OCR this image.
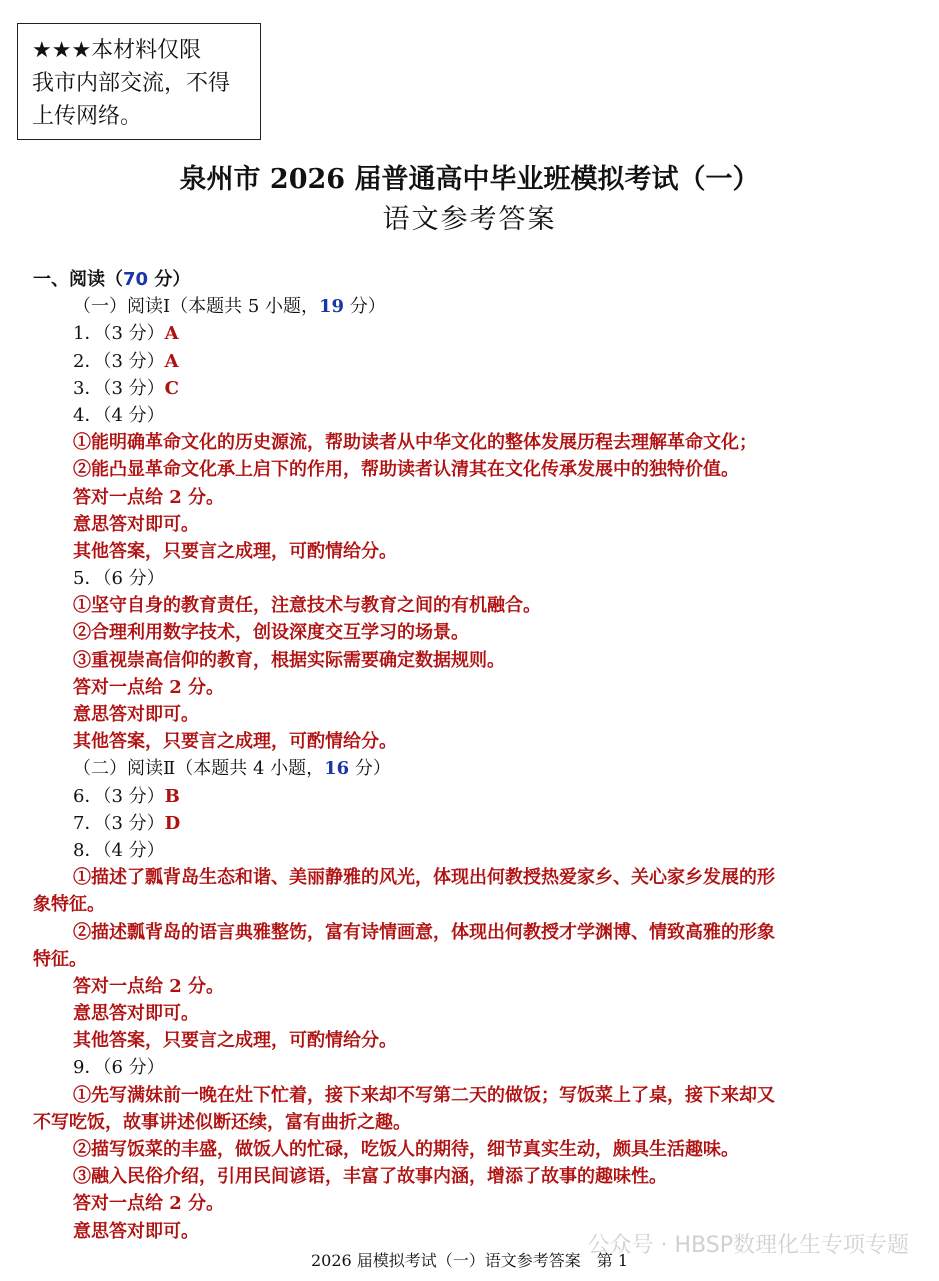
★★★本材料仅限
我市内部交流，不得
上传网络。
泉州市 2026 届普通高中毕业班模拟考试（一）
语文参考答案
一、阅读（70 分）
（一）阅读Ⅰ（本题共 5 小题，19 分）
1．（3 分）A
2．（3 分）A
3．（3 分）C
4．（4 分）
①能明确革命文化的历史源流，帮助读者从中华文化的整体发展历程去理解革命文化；
②能凸显革命文化承上启下的作用，帮助读者认清其在文化传承发展中的独特价值。
答对一点给 2 分。
意思答对即可。
其他答案，只要言之成理，可酌情给分。
5．（6 分）
①坚守自身的教育责任，注意技术与教育之间的有机融合。
②合理利用数字技术，创设深度交互学习的场景。
③重视崇高信仰的教育，根据实际需要确定数据规则。
答对一点给 2 分。
意思答对即可。
其他答案，只要言之成理，可酌情给分。
（二）阅读Ⅱ（本题共 4 小题，16 分）
6．（3 分）B
7．（3 分）D
8．（4 分）
①描述了瓢背岛生态和谐、美丽静雅的风光，体现出何教授热爱家乡、关心家乡发展的形
象特征。
②描述瓢背岛的语言典雅整饬，富有诗情画意，体现出何教授才学渊博、情致高雅的形象
特征。
答对一点给 2 分。
意思答对即可。
其他答案，只要言之成理，可酌情给分。
9．（6 分）
①先写满妹前一晚在灶下忙着，接下来却不写第二天的做饭；写饭菜上了桌，接下来却又
不写吃饭，故事讲述似断还续，富有曲折之趣。
②描写饭菜的丰盛，做饭人的忙碌，吃饭人的期待，细节真实生动，颇具生活趣味。
③融入民俗介绍，引用民间谚语，丰富了故事内涵，增添了故事的趣味性。
答对一点给 2 分。
意思答对即可。
公众号 · HBSP数理化生专项专题
2026 届模拟考试（一）语文参考答案　第 1
